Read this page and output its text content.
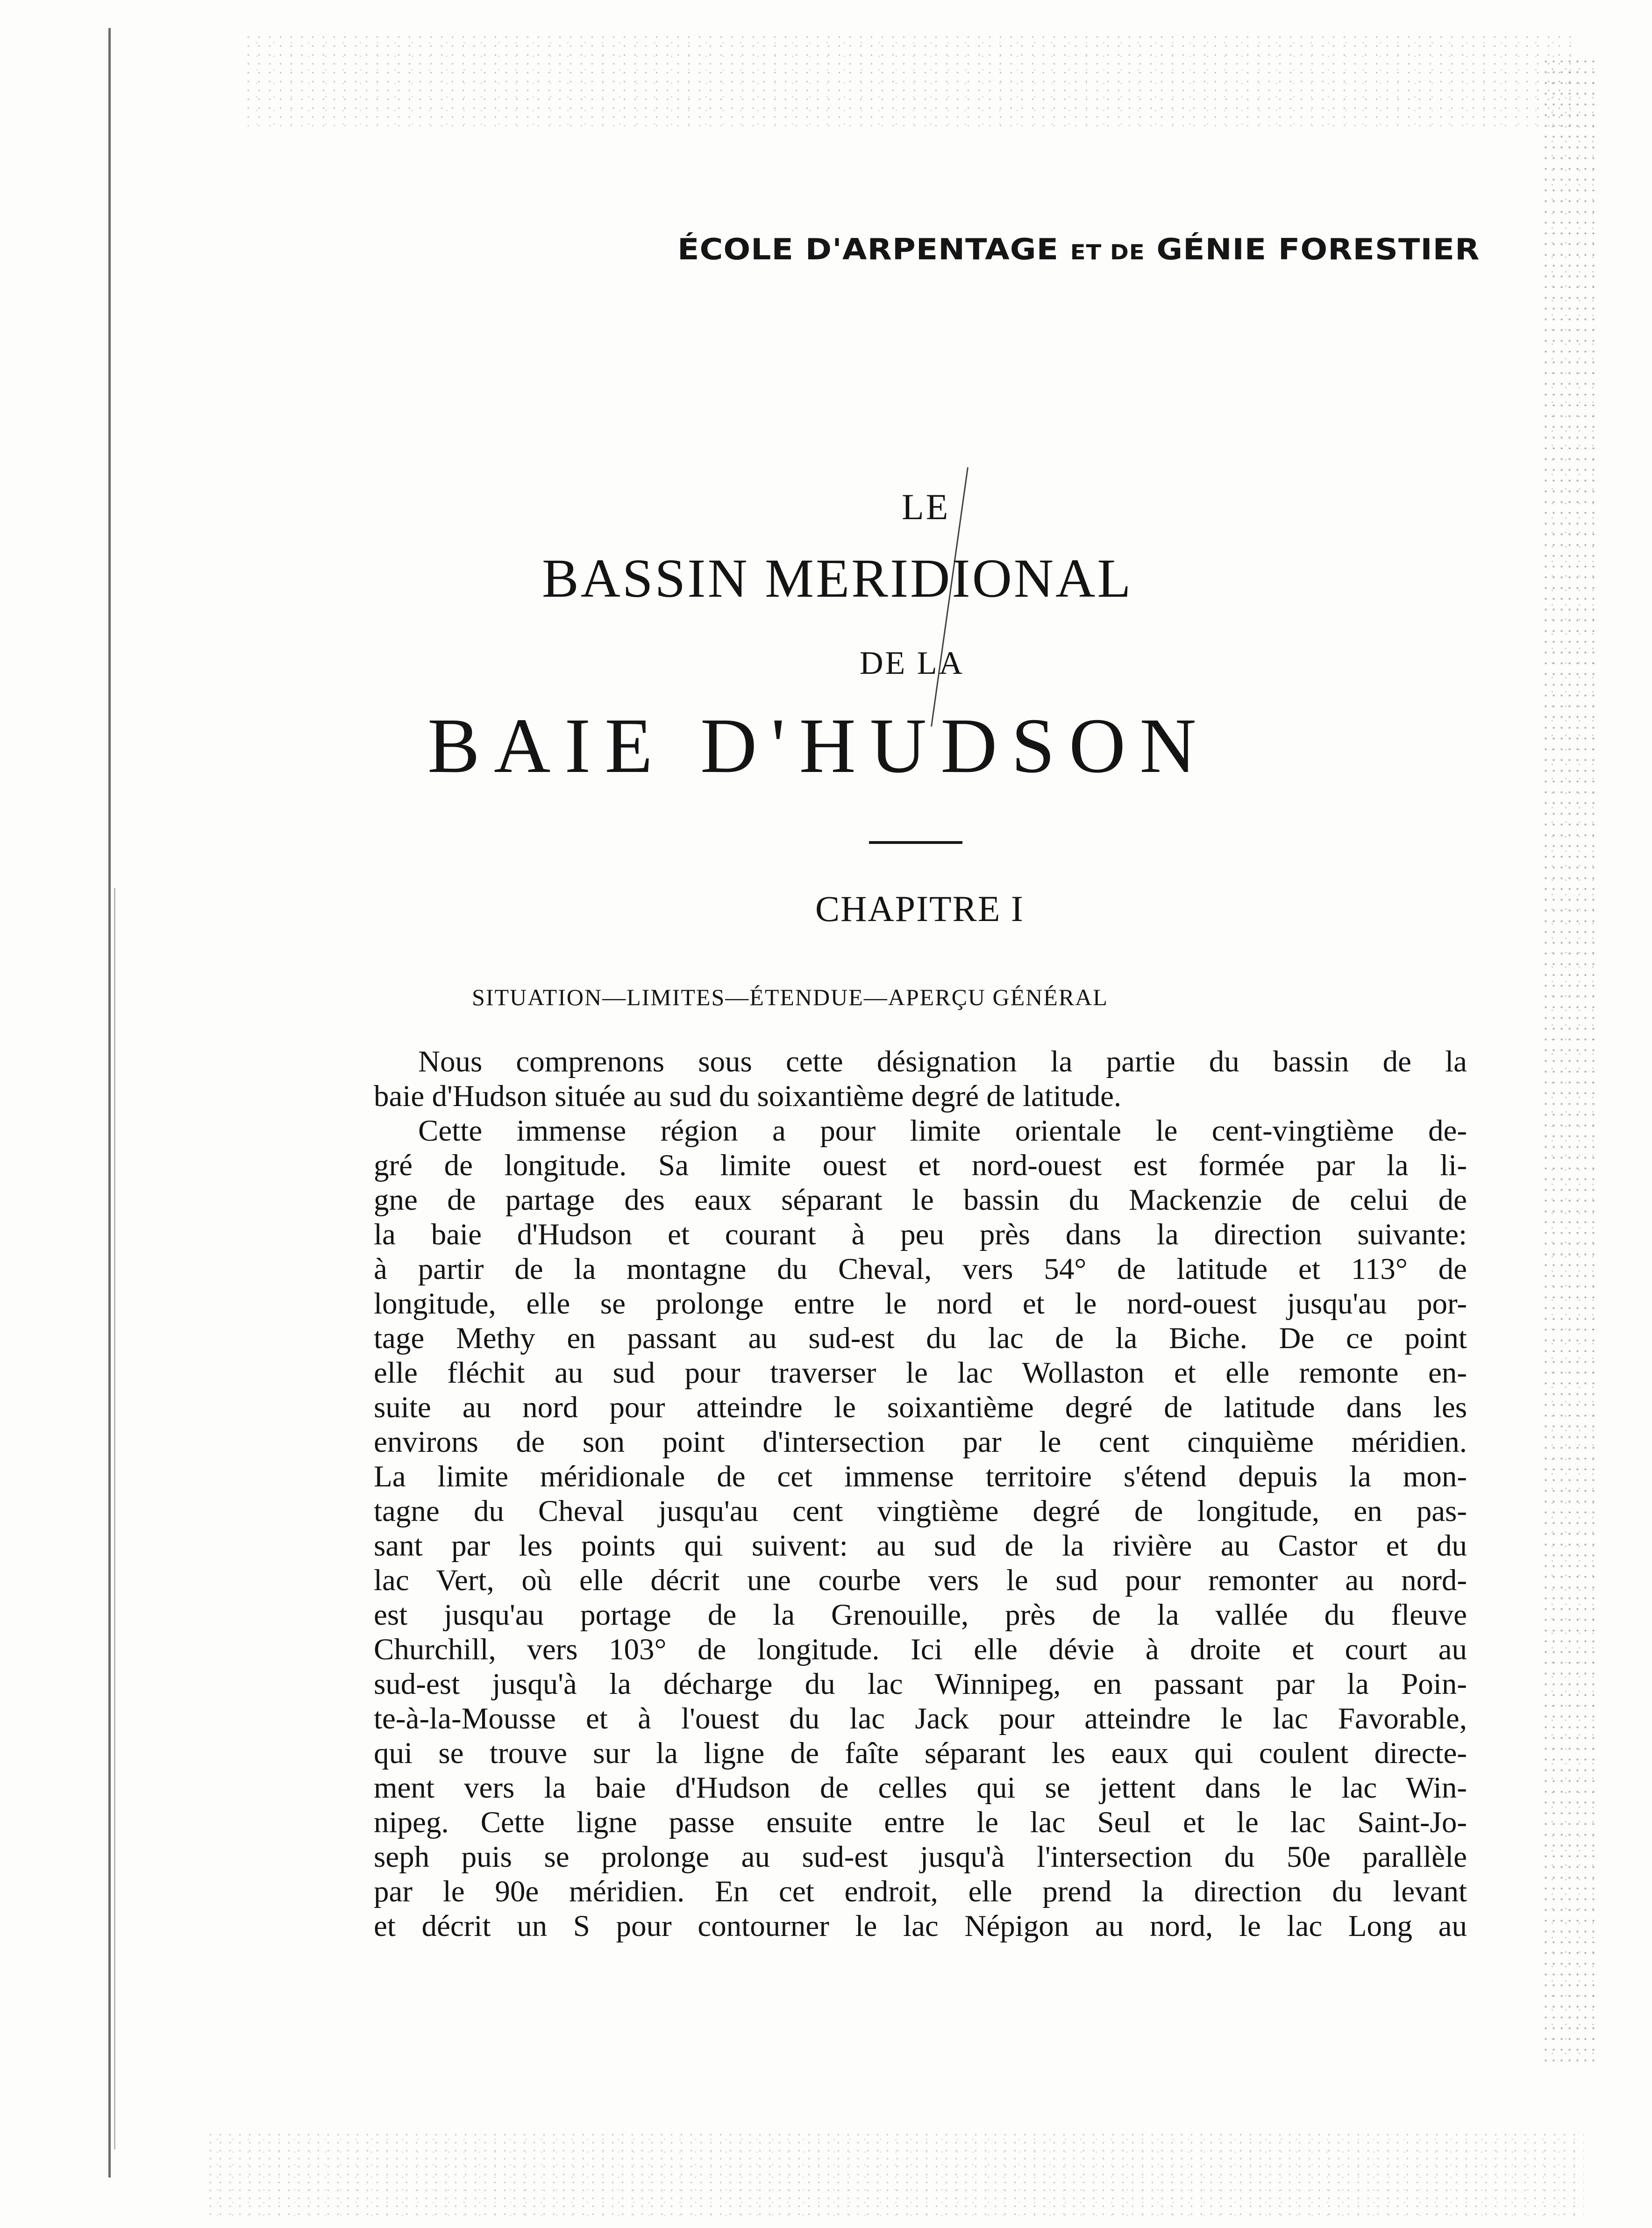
ÉCOLE D'ARPENTAGE ET DE GÉNIE FORESTIER
LE
BASSIN MERIDIONAL
DE LA
BAIE D'HUDSON
CHAPITRE I
SITUATION—LIMITES—ÉTENDUE—APERÇU GÉNÉRAL
Nous comprenons sous cette désignation la partie du bassin de la
baie d'Hudson située au sud du soixantième degré de latitude.
Cette immense région a pour limite orientale le cent-vingtième de-
gré de longitude. Sa limite ouest et nord-ouest est formée par la li-
gne de partage des eaux séparant le bassin du Mackenzie de celui de
la baie d'Hudson et courant à peu près dans la direction suivante:
à partir de la montagne du Cheval, vers 54° de latitude et 113° de
longitude, elle se prolonge entre le nord et le nord-ouest jusqu'au por-
tage Methy en passant au sud-est du lac de la Biche. De ce point
elle fléchit au sud pour traverser le lac Wollaston et elle remonte en-
suite au nord pour atteindre le soixantième degré de latitude dans les
environs de son point d'intersection par le cent cinquième méridien.
La limite méridionale de cet immense territoire s'étend depuis la mon-
tagne du Cheval jusqu'au cent vingtième degré de longitude, en pas-
sant par les points qui suivent: au sud de la rivière au Castor et du
lac Vert, où elle décrit une courbe vers le sud pour remonter au nord-
est jusqu'au portage de la Grenouille, près de la vallée du fleuve
Churchill, vers 103° de longitude. Ici elle dévie à droite et court au
sud-est jusqu'à la décharge du lac Winnipeg, en passant par la Poin-
te-à-la-Mousse et à l'ouest du lac Jack pour atteindre le lac Favorable,
qui se trouve sur la ligne de faîte séparant les eaux qui coulent directe-
ment vers la baie d'Hudson de celles qui se jettent dans le lac Win-
nipeg. Cette ligne passe ensuite entre le lac Seul et le lac Saint-Jo-
seph puis se prolonge au sud-est jusqu'à l'intersection du 50e parallèle
par le 90e méridien. En cet endroit, elle prend la direction du levant
et décrit un S pour contourner le lac Népigon au nord, le lac Long au
